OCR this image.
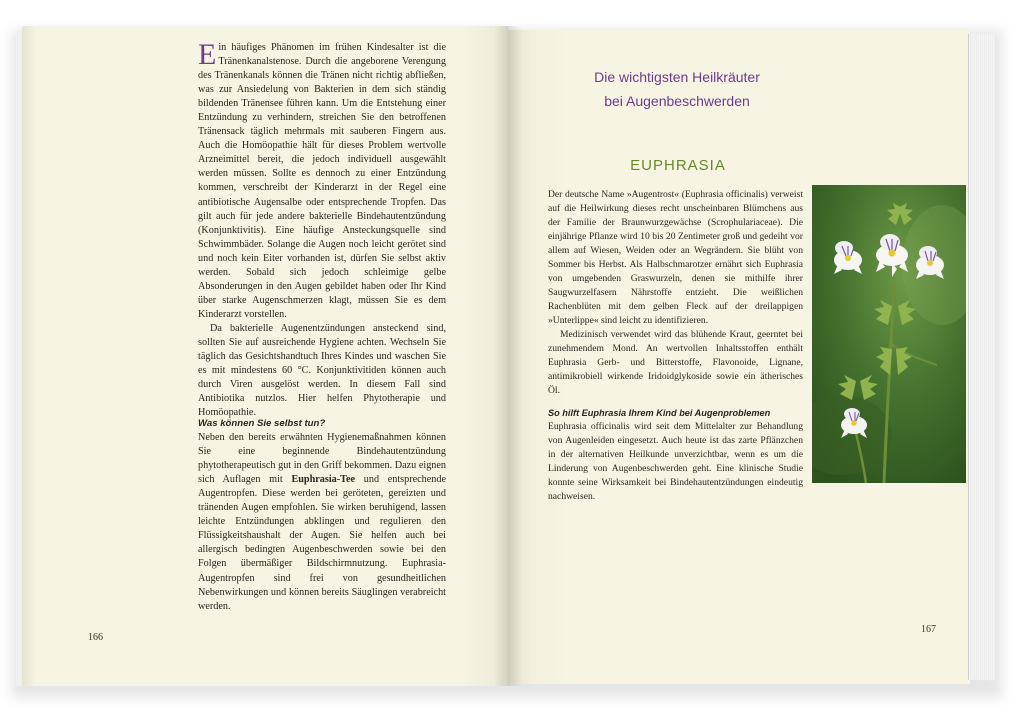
Ein häufiges Phänomen im frühen Kindesalter ist die Tränenkanalstenose. Durch die angeborene Verengung des Tränenkanals können die Tränen nicht richtig abfließen, was zur Ansiedelung von Bakterien in dem sich ständig bildenden Tränensee führen kann. Um die Entstehung einer Entzündung zu verhindern, streichen Sie den betroffenen Tränensack täglich mehrmals mit sauberen Fingern aus. Auch die Homöopathie hält für dieses Problem wertvolle Arzneimittel bereit, die jedoch individuell ausgewählt werden müssen. Sollte es dennoch zu einer Entzündung kommen, verschreibt der Kinderarzt in der Regel eine antibiotische Augensalbe oder entsprechende Tropfen. Das gilt auch für jede andere bakterielle Bindehautentzündung (Konjunktivitis). Eine häufige Ansteckungsquelle sind Schwimmbäder. Solange die Augen noch leicht gerötet sind und noch kein Eiter vorhanden ist, dürfen Sie selbst aktiv werden. Sobald sich jedoch schleimige gelbe Absonderungen in den Augen gebildet haben oder Ihr Kind über starke Augenschmerzen klagt, müssen Sie es dem Kinderarzt vorstellen.

Da bakterielle Augenentzündungen ansteckend sind, sollten Sie auf ausreichende Hygiene achten. Wechseln Sie täglich das Gesichtshandtuch Ihres Kindes und waschen Sie es mit mindestens 60 °C. Konjunktivitiden können auch durch Viren ausgelöst werden. In diesem Fall sind Antibiotika nutzlos. Hier helfen Phytotherapie und Homöopathie.

Was können Sie selbst tun?

Neben den bereits erwähnten Hygienemaßnahmen können Sie eine beginnende Bindehautentzündung phytotherapeutisch gut in den Griff bekommen. Dazu eignen sich Auflagen mit Euphrasia-Tee und entsprechende Augentropfen. Diese werden bei geröteten, gereizten und tränenden Augen empfohlen. Sie wirken beruhigend, lassen leichte Entzündungen abklingen und regulieren den Flüssigkeitshaushalt der Augen. Sie helfen auch bei allergisch bedingten Augenbeschwerden sowie bei den Folgen übermäßiger Bildschirmnutzung. Euphrasia-Augentropfen sind frei von gesundheitlichen Nebenwirkungen und können bereits Säuglingen verabreicht werden.

166
Die wichtigsten Heilkräuter
bei Augenbeschwerden
EUPHRASIA

Der deutsche Name »Augentrost« (Euphrasia officinalis) verweist auf die Heilwirkung dieses recht unscheinbaren Blümchens aus der Familie der Braunwurzgewächse (Scrophulariaceae). Die einjährige Pflanze wird 10 bis 20 Zentimeter groß und gedeiht vor allem auf Wiesen, Weiden oder an Wegrändern. Sie blüht von Sommer bis Herbst. Als Halbschmarotzer ernährt sich Euphrasia von umgebenden Graswurzeln, denen sie mithilfe ihrer Saugwurzelfasern Nährstoffe entzieht. Die weißlichen Rachenblüten mit dem gelben Fleck auf der dreilappigen »Unterlippe« sind leicht zu identifizieren.

Medizinisch verwendet wird das blühende Kraut, geerntet bei zunehmendem Mond. An wertvollen Inhaltsstoffen enthält Euphrasia Gerb- und Bitterstoffe, Flavonoide, Lignane, antimikrobiell wirkende Iridoidglykoside sowie ein ätherisches Öl.

So hilft Euphrasia Ihrem Kind bei Augenproblemen

Euphrasia officinalis wird seit dem Mittelalter zur Behandlung von Augenleiden eingesetzt. Auch heute ist das zarte Pflänzchen in der alternativen Heilkunde unverzichtbar, wenn es um die Linderung von Augenbeschwerden geht. Eine klinische Studie konnte seine Wirksamkeit bei Bindehautentzündungen eindeutig nachweisen.

167
